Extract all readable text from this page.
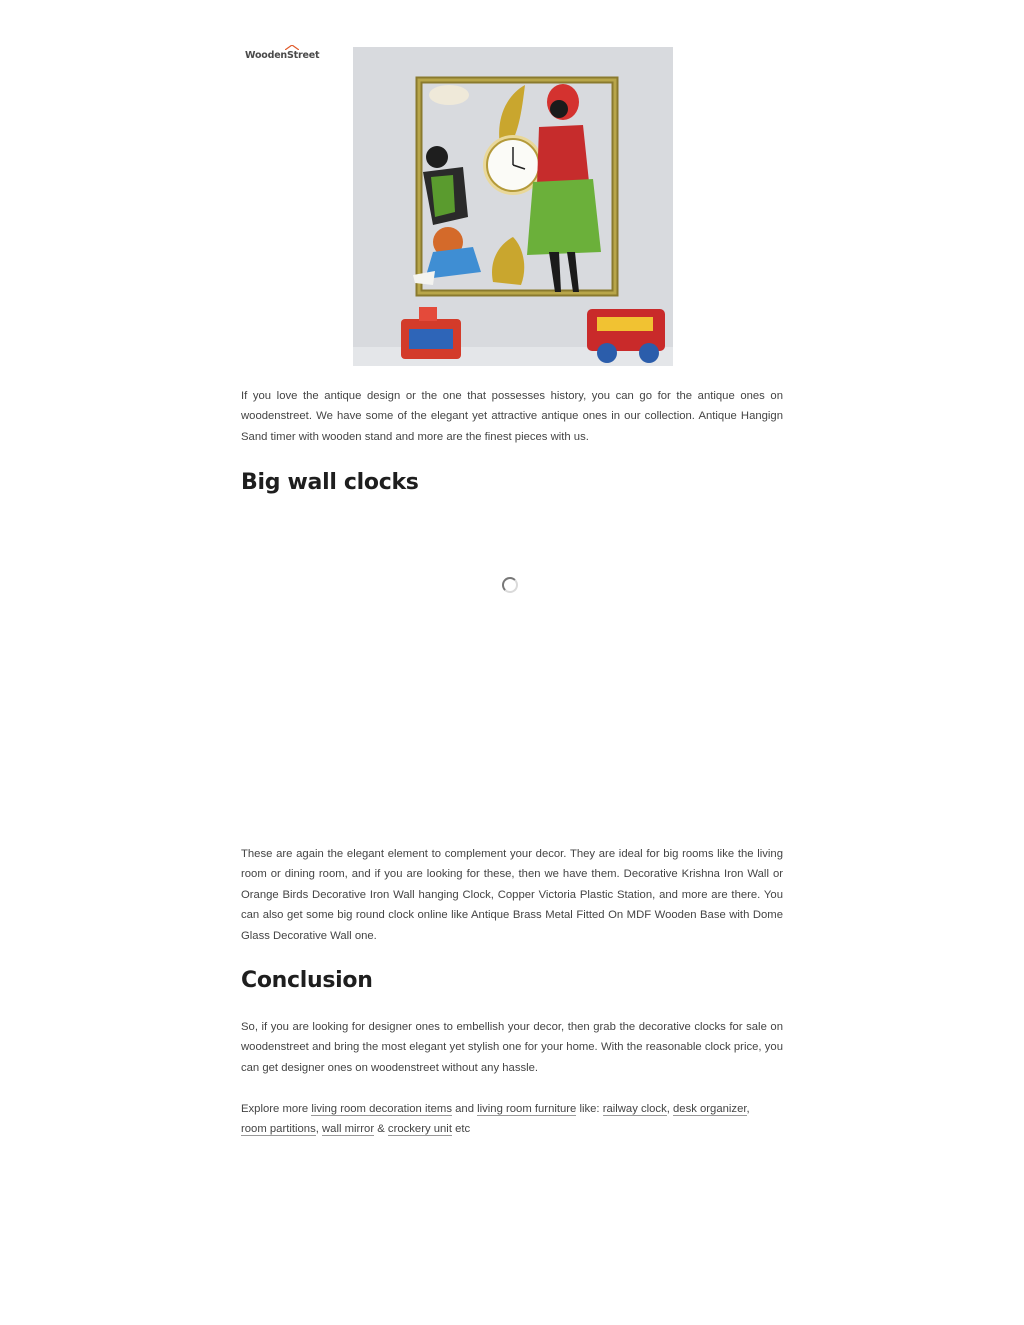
WoodenStreet

If you love the antique design or the one that possesses history, you can go for the antique ones on woodenstreet. We have some of the elegant yet attractive antique ones in our collection. Antique Hangign Sand timer with wooden stand and more are the finest pieces with us.

Big wall clocks

These are again the elegant element to complement your decor. They are ideal for big rooms like the living room or dining room, and if you are looking for these, then we have them. Decorative Krishna Iron Wall or Orange Birds Decorative Iron Wall hanging Clock, Copper Victoria Plastic Station, and more are there. You can also get some big round clock online like Antique Brass Metal Fitted On MDF Wooden Base with Dome Glass Decorative Wall one.

Conclusion

So, if you are looking for designer ones to embellish your decor, then grab the decorative clocks for sale on woodenstreet and bring the most elegant yet stylish one for your home. With the reasonable clock price, you can get designer ones on woodenstreet without any hassle.

Explore more living room decoration items and living room furniture like: railway clock, desk organizer,
room partitions, wall mirror & crockery unit etc
